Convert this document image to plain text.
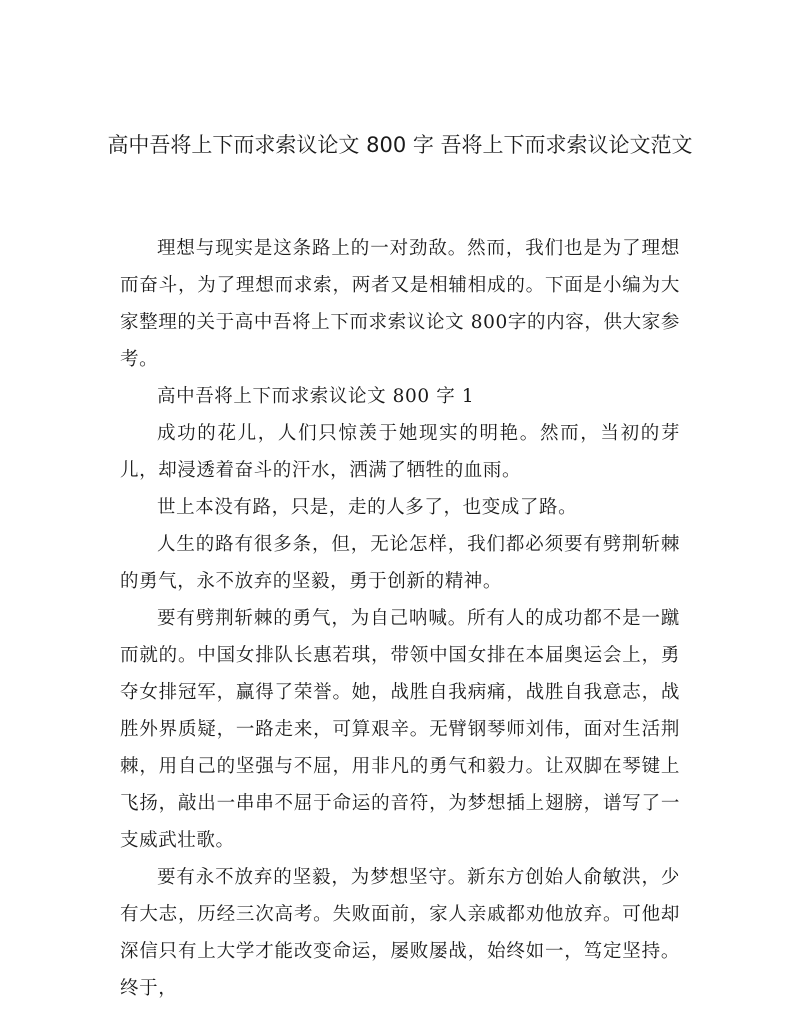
高中吾将上下而求索议论文 800 字 吾将上下而求索议论文范文

理想与现实是这条路上的一对劲敌。然而，我们也是为了理想而奋斗，为了理想而求索，两者又是相辅相成的。下面是小编为大家整理的关于高中吾将上下而求索议论文 800字的内容，供大家参考。

高中吾将上下而求索议论文 800 字 1

成功的花儿，人们只惊羡于她现实的明艳。然而，当初的芽儿，却浸透着奋斗的汗水，洒满了牺牲的血雨。

世上本没有路，只是，走的人多了，也变成了路。

人生的路有很多条，但，无论怎样，我们都必须要有劈荆斩棘的勇气，永不放弃的坚毅，勇于创新的精神。

要有劈荆斩棘的勇气，为自己呐喊。所有人的成功都不是一蹴而就的。中国女排队长惠若琪，带领中国女排在本届奥运会上，勇夺女排冠军，赢得了荣誉。她，战胜自我病痛，战胜自我意志，战胜外界质疑，一路走来，可算艰辛。无臂钢琴师刘伟，面对生活荆棘，用自己的坚强与不屈，用非凡的勇气和毅力。让双脚在琴键上飞扬，敲出一串串不屈于命运的音符，为梦想插上翅膀，谱写了一支威武壮歌。

要有永不放弃的坚毅，为梦想坚守。新东方创始人俞敏洪，少有大志，历经三次高考。失败面前，家人亲戚都劝他放弃。可他却深信只有上大学才能改变命运，屡败屡战，始终如一，笃定坚持。终于，
